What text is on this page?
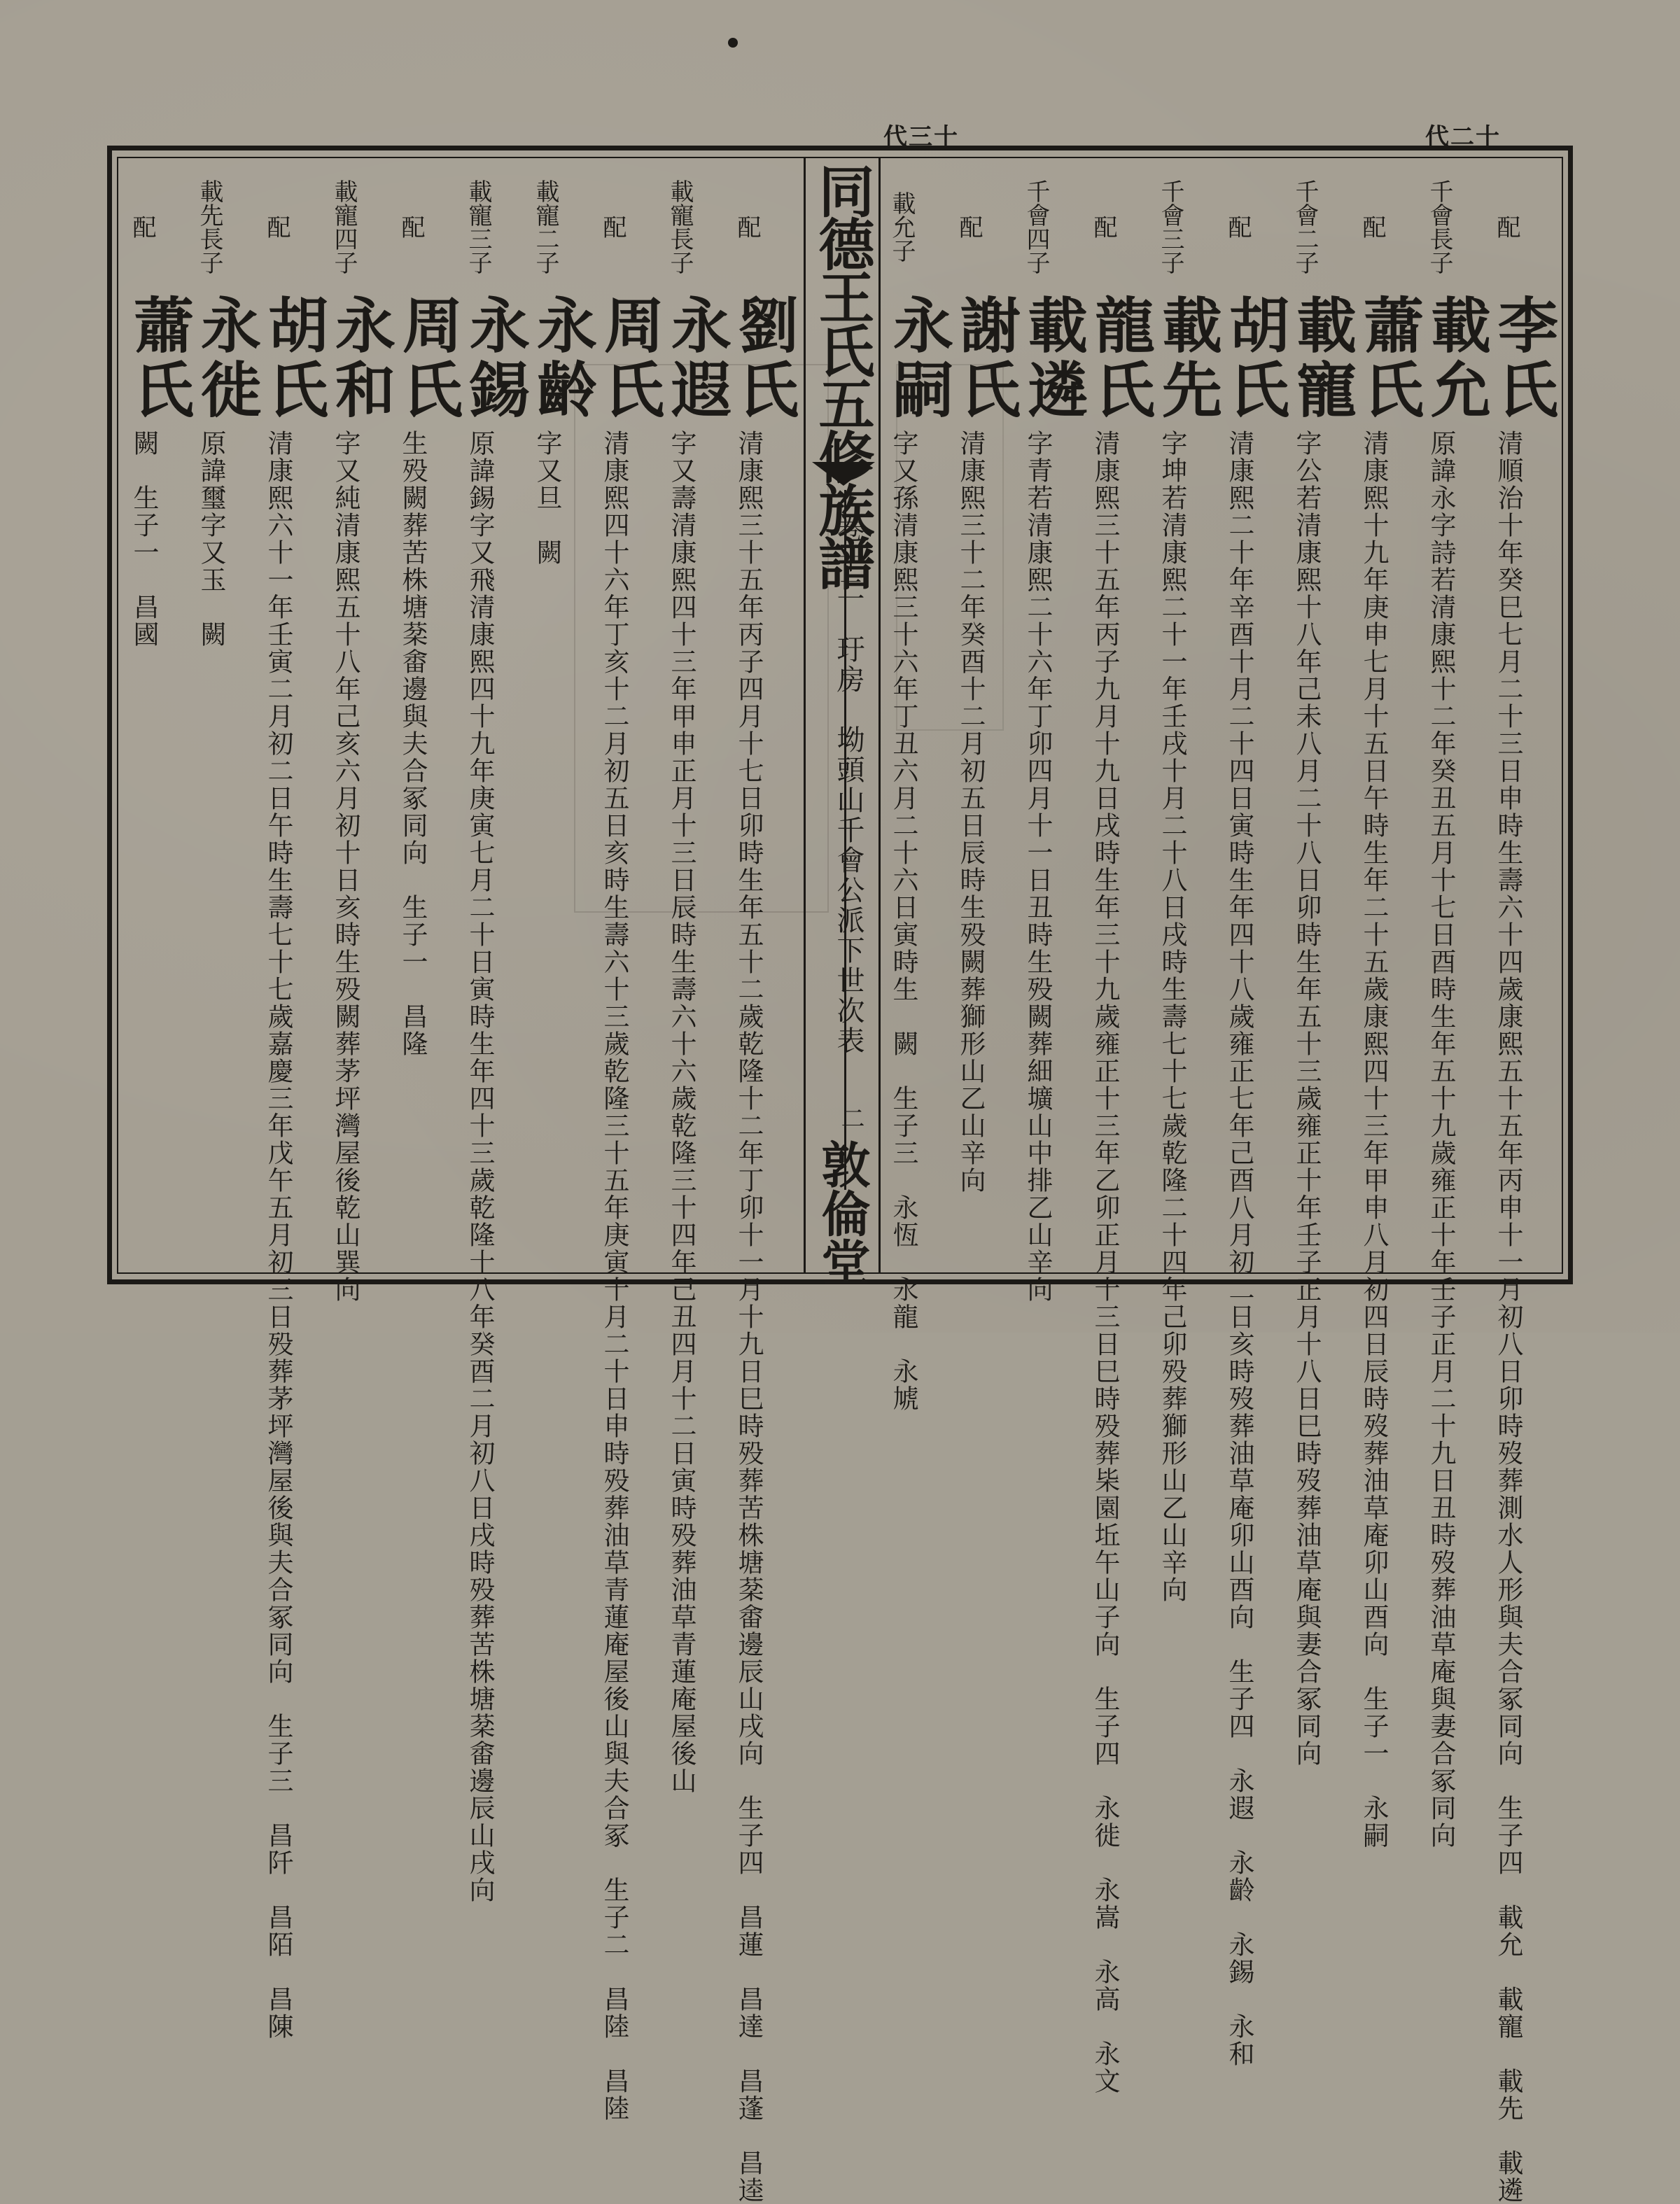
代三十	代二十
同德王氏五修族譜
卷十二　玗房　坳頭山千會公派下世次表
二
敦倫堂
配
李氏
清順治十年癸巳七月二十三日申時生壽六十四歲康熙五十五年丙申十一月初八日卯時歿葬測水人形與夫合冢同向　生子四　載允　載寵　載先　載遴
千會長子
載允
原諱永字詩若清康熙十二年癸丑五月十七日酉時生年五十九歲雍正十年壬子正月二十九日丑時歿葬油草庵與妻合冢同向
配
蕭氏
清康熙十九年庚申七月十五日午時生年二十五歲康熙四十三年甲申八月初四日辰時歿葬油草庵卯山酉向　生子一　永嗣
千會二子
載寵
字公若清康熙十八年己未八月二十八日卯時生年五十三歲雍正十年壬子正月十八日巳時歿葬油草庵與妻合冢同向
配
胡氏
清康熙二十年辛酉十月二十四日寅時生年四十八歲雍正七年己酉八月初二日亥時歿葬油草庵卯山酉向　生子四　永遐　永齡　永錫　永和
千會三子
載先
字坤若清康熙二十一年壬戌十月二十八日戌時生壽七十七歲乾隆二十四年己卯殁葬獅形山乙山辛向
配
龍氏
清康熙三十五年丙子九月十九日戌時生年三十九歲雍正十三年乙卯正月十三日巳時殁葬枈園坵午山子向　生子四　永徙　永嵩　永高　永文
千會四子
載遴
字青若清康熙二十六年丁卯四月十一日丑時生殁闕葬細壙山中排乙山辛向
配
謝氏
清康熙三十二年癸酉十二月初五日辰時生殁闕葬獅形山乙山辛向
載允子
永嗣
字又孫清康熙三十六年丁丑六月二十六日寅時生　闕　生子三　永恆　永龍　永虓
配
劉氏
清康熙三十五年丙子四月十七日卯時生年五十二歲乾隆十二年丁卯十一月十九日巳時殁葬苦株塘棻畬邊辰山戌向　生子四　昌蓮　昌達　昌蓬　昌逵
載寵長子
永遐
字又壽清康熙四十三年甲申正月十三日辰時生壽六十六歲乾隆三十四年己丑四月十二日寅時殁葬油草青蓮庵屋後山
配
周氏
清康熙四十六年丁亥十二月初五日亥時生壽六十三歲乾隆三十五年庚寅十月二十日申時殁葬油草青蓮庵屋後山與夫合冢　生子二　昌陸　昌陸
載寵二子
永齡
字又旦　闕
載寵三子
永錫
原諱錫字又飛清康熙四十九年庚寅七月二十日寅時生年四十三歲乾隆十八年癸酉二月初八日戌時殁葬苦株塘棻畬邊辰山戌向
配
周氏
生殁闕葬苦株塘棻畬邊與夫合冢同向　生子一　昌隆
載寵四子
永和
字又純清康熙五十八年己亥六月初十日亥時生殁闕葬茅坪灣屋後乾山巽向
配
胡氏
清康熙六十一年壬寅二月初二日午時生壽七十七歲嘉慶三年戊午五月初三日殁葬茅坪灣屋後與夫合冢同向　生子三　昌阡　昌陌　昌陳
載先長子
永徙
原諱璽字又玉　闕
配
蕭氏
闕　生子一　昌國
